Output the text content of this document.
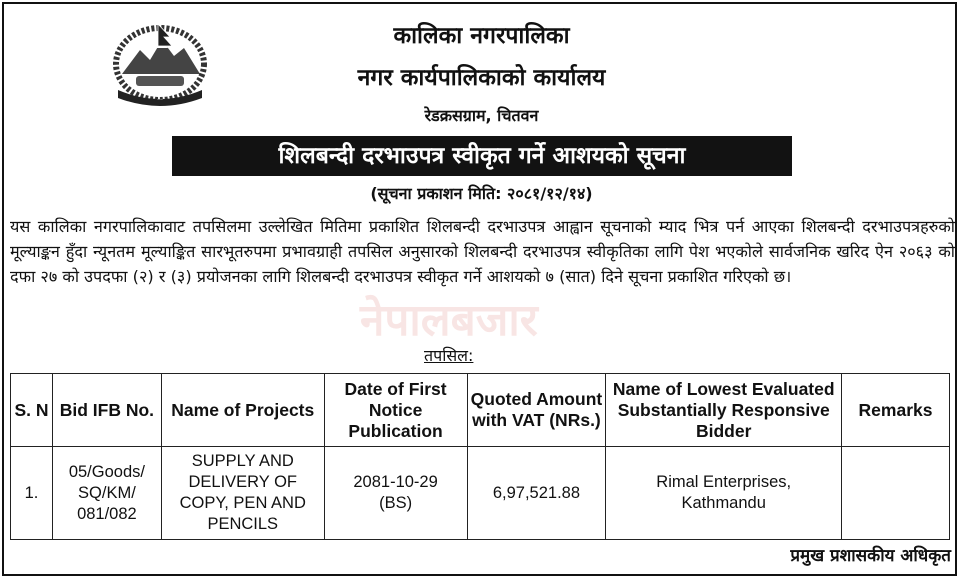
...
कालिका नगरपालिका
नगर कार्यपालिकाको कार्यालय
रेडक्रसग्राम, चितवन
शिलबन्दी दरभाउपत्र स्वीकृत गर्ने आशयको सूचना
(सूचना प्रकाशन मिति: २०८१/१२/१४)
यस कालिका नगरपालिकावाट तपसिलमा उल्लेखित मितिमा प्रकाशित शिलबन्दी दरभाउपत्र आह्वान सूचनाको म्याद भित्र पर्न आएका शिलबन्दी दरभाउपत्रहरुको मूल्याङ्कन हुँदा न्यूनतम मूल्याङ्कित सारभूतरुपमा प्रभावग्राही तपसिल अनुसारको शिलबन्दी दरभाउपत्र स्वीकृतिका लागि पेश भएकोले सार्वजनिक खरिद ऐन २०६३ को दफा २७ को उपदफा (२) र (३) प्रयोजनका लागि शिलबन्दी दरभाउपत्र स्वीकृत गर्ने आशयको ७ (सात) दिने सूचना प्रकाशित गरिएको छ।
नेपालबजार
तपसिल:
S. N	Bid IFB No.	Name of Projects	Date of First Notice Publication	Quoted Amount with VAT (NRs.)	Name of Lowest Evaluated Substantially Responsive Bidder	Remarks
1.	05/Goods/
SQ/KM/
081/082	SUPPLY AND
DELIVERY OF
COPY, PEN AND
PENCILS	2081-10-29
(BS)	6,97,521.88	Rimal Enterprises,
Kathmandu	
प्रमुख प्रशासकीय अधिकृत
